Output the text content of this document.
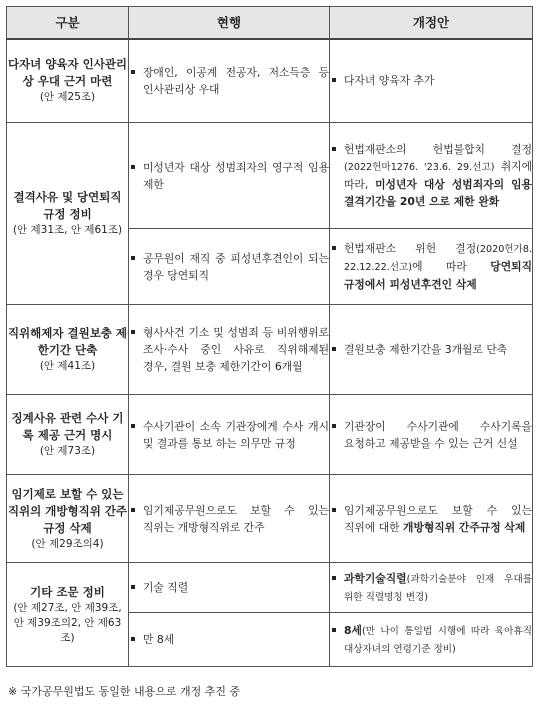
구분	현행	개정안
다자녀 양육자 인사관리상 우대 근거 마련
(안 제25조)	장애인, 이공계 전공자, 저소득층 등 인사관리상 우대	다자녀 양육자 추가

결격사유 및 당연퇴직 규정 정비
(안 제31조, 안 제61조)	미성년자 대상 성범죄자의 영구적 임용 제한	헌법재판소의 헌법불합치 결정(2022헌마1276. '23.6. 29.선고) 취지에 따라, 미성년자 대상 성범죄자의 임용 결격기간을 20년 으로 제한 완화

	공무원이 재직 중 피성년후견인이 되는 경우 당연퇴직	헌법재판소 위헌 결정(2020헌가8. 22.12.22.선고)에 따라 당연퇴직 규정에서 피성년후견인 삭제

직위해제자 결원보충 제한기간 단축
(안 제41조)	형사사건 기소 및 성범죄 등 비위행위로 조사·수사 중인 사유로 직위해제된 경우, 결원 보충 제한기간이 6개월	결원보충 제한기간을 3개월로 단축

징계사유 관련 수사 기록 제공 근거 명시
(안 제73조)	수사기관이 소속 기관장에게 수사 개시 및 결과를 통보 하는 의무만 규정	기관장이 수사기관에 수사기록을 요청하고 제공받을 수 있는 근거 신설

임기제로 보할 수 있는 직위의 개방형직위 간주규정 삭제
(안 제29조의4)	임기제공무원으로도 보할 수 있는 직위는 개방형직위로 간주	임기제공무원으로도 보할 수 있는 직위에 대한 개방형직위 간주규정 삭제

기타 조문 정비
(안 제27조, 안 제39조, 안 제39조의2, 안 제63조)	기술 직렬	과학기술직렬(과학기술분야 인재 우대를 위한 직렬명칭 변경)

	만 8세	8세(만 나이 통일법 시행에 따라 육아휴직 대상자녀의 연령기준 정비)
※ 국가공무원법도 동일한 내용으로 개정 추진 중
